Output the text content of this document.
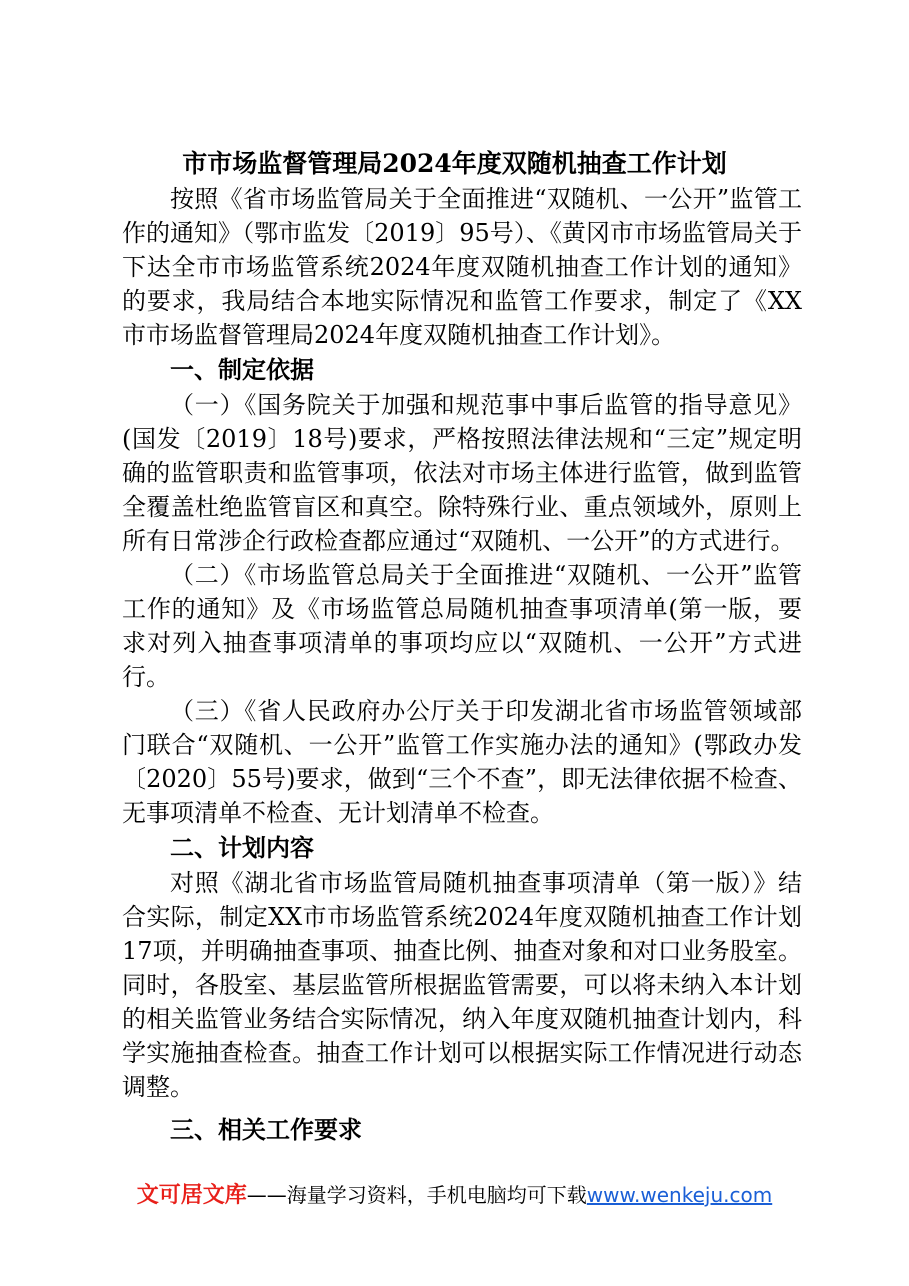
市市场监督管理局2024年度双随机抽查工作计划

按照《省市场监管局关于全面推进“双随机、一公开”监管工作的通知》（鄂市监发〔2019〕95号）、《黄冈市市场监管局关于下达全市市场监管系统2024年度双随机抽查工作计划的通知》的要求，我局结合本地实际情况和监管工作要求，制定了《XX市市场监督管理局2024年度双随机抽查工作计划》。

一、制定依据

（一）《国务院关于加强和规范事中事后监管的指导意见》(国发〔2019〕18号)要求，严格按照法律法规和“三定”规定明确的监管职责和监管事项，依法对市场主体进行监管，做到监管全覆盖杜绝监管盲区和真空。除特殊行业、重点领域外，原则上所有日常涉企行政检查都应通过“双随机、一公开”的方式进行。

（二）《市场监管总局关于全面推进“双随机、一公开”监管工作的通知》及《市场监管总局随机抽查事项清单(第一版，要求对列入抽查事项清单的事项均应以“双随机、一公开”方式进行。

（三）《省人民政府办公厅关于印发湖北省市场监管领域部门联合“双随机、一公开”监管工作实施办法的通知》(鄂政办发〔2020〕55号)要求，做到“三个不查”，即无法律依据不检查、无事项清单不检查、无计划清单不检查。

二、计划内容

对照《湖北省市场监管局随机抽查事项清单（第一版）》结合实际，制定XX市市场监管系统2024年度双随机抽查工作计划17项，并明确抽查事项、抽查比例、抽查对象和对口业务股室。同时，各股室、基层监管所根据监管需要，可以将未纳入本计划的相关监管业务结合实际情况，纳入年度双随机抽查计划内，科学实施抽查检查。抽查工作计划可以根据实际工作情况进行动态调整。

三、相关工作要求
文可居文库——海量学习资料，手机电脑均可下载www.wenkeju.com
